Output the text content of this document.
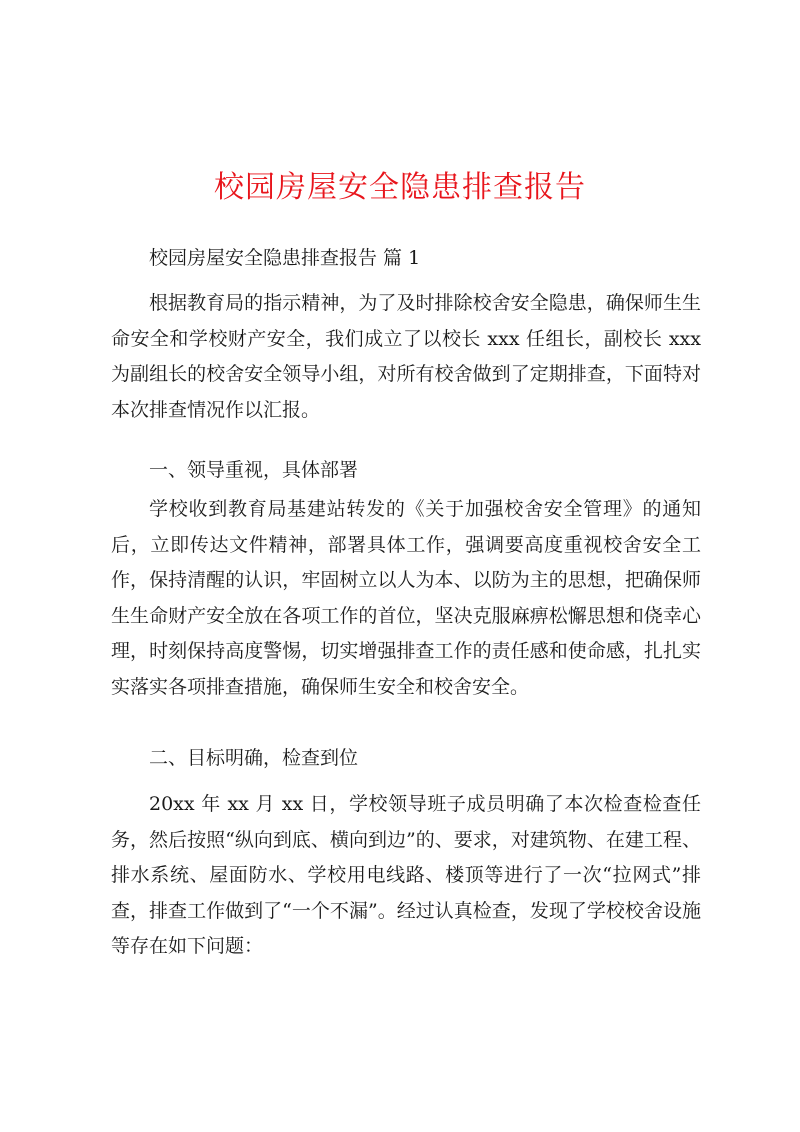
校园房屋安全隐患排查报告

校园房屋安全隐患排查报告 篇 1

根据教育局的指示精神，为了及时排除校舍安全隐患，确保师生生命安全和学校财产安全，我们成立了以校长 xxx 任组长，副校长 xxx 为副组长的校舍安全领导小组，对所有校舍做到了定期排查，下面特对本次排查情况作以汇报。

一、领导重视，具体部署

学校收到教育局基建站转发的《关于加强校舍安全管理》的通知后，立即传达文件精神，部署具体工作，强调要高度重视校舍安全工作，保持清醒的认识，牢固树立以人为本、以防为主的思想，把确保师生生命财产安全放在各项工作的首位，坚决克服麻痹松懈思想和侥幸心理，时刻保持高度警惕，切实增强排查工作的责任感和使命感，扎扎实实落实各项排查措施，确保师生安全和校舍安全。

二、目标明确，检查到位

20xx 年 xx 月 xx 日，学校领导班子成员明确了本次检查检查任务，然后按照“纵向到底、横向到边”的、要求，对建筑物、在建工程、排水系统、屋面防水、学校用电线路、楼顶等进行了一次“拉网式”排查，排查工作做到了“一个不漏”。经过认真检查，发现了学校校舍设施等存在如下问题：
